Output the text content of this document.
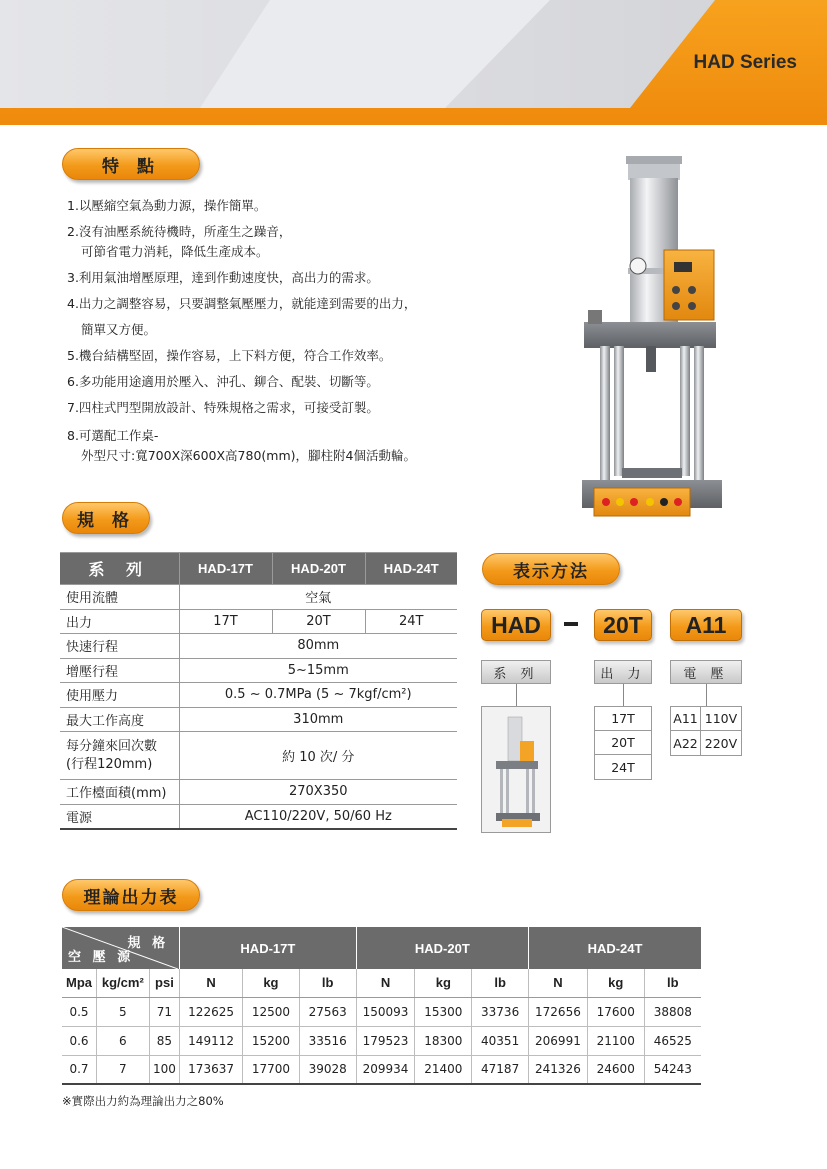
HAD Series
特 點
1.以壓縮空氣為動力源，操作簡單。
2.沒有油壓系統待機時，所產生之躁音，
可節省電力消耗，降低生產成本。
3.利用氣油增壓原理，達到作動速度快，高出力的需求。
4.出力之調整容易，只要調整氣壓壓力，就能達到需要的出力，
簡單又方便。
5.機台結構堅固，操作容易，上下料方便，符合工作效率。
6.多功能用途適用於壓入、沖孔、鉚合、配裝、切斷等。
7.四柱式門型開放設計、特殊規格之需求，可接受訂製。
8.可選配工作桌-
外型尺寸:寬700X深600X高780(mm)，腳柱附4個活動輪。
規 格
系 列	HAD-17T	HAD-20T	HAD-24T
使用流體	空氣		
出力	17T	20T	24T
快速行程	80mm		
增壓行程	5~15mm		
使用壓力	0.5 ~ 0.7MPa (5 ~ 7kgf/cm²)		
最大工作高度	310mm		

每分鐘來回次數
(行程120mm)	約 10 次/ 分		
工作檯面積(mm)	270X350		
電源	AC110/220V, 50/60 Hz		
表示方法
HAD	20T	A11
系 列	出 力	電 壓
17T
20T
24T
A11 110V
A22 220V
理論出力表
規 格
空 壓 源			HAD-17T			HAD-20T			HAD-24T		
Mpa	kg/cm²	psi	N	kg	lb	N	kg	lb	N	kg	lb
0.5	5	71	122625	12500	27563	150093	15300	33736	172656	17600	38808
0.6	6	85	149112	15200	33516	179523	18300	40351	206991	21100	46525
0.7	7	100	173637	17700	39028	209934	21400	47187	241326	24600	54243
※實際出力約為理論出力之80%
